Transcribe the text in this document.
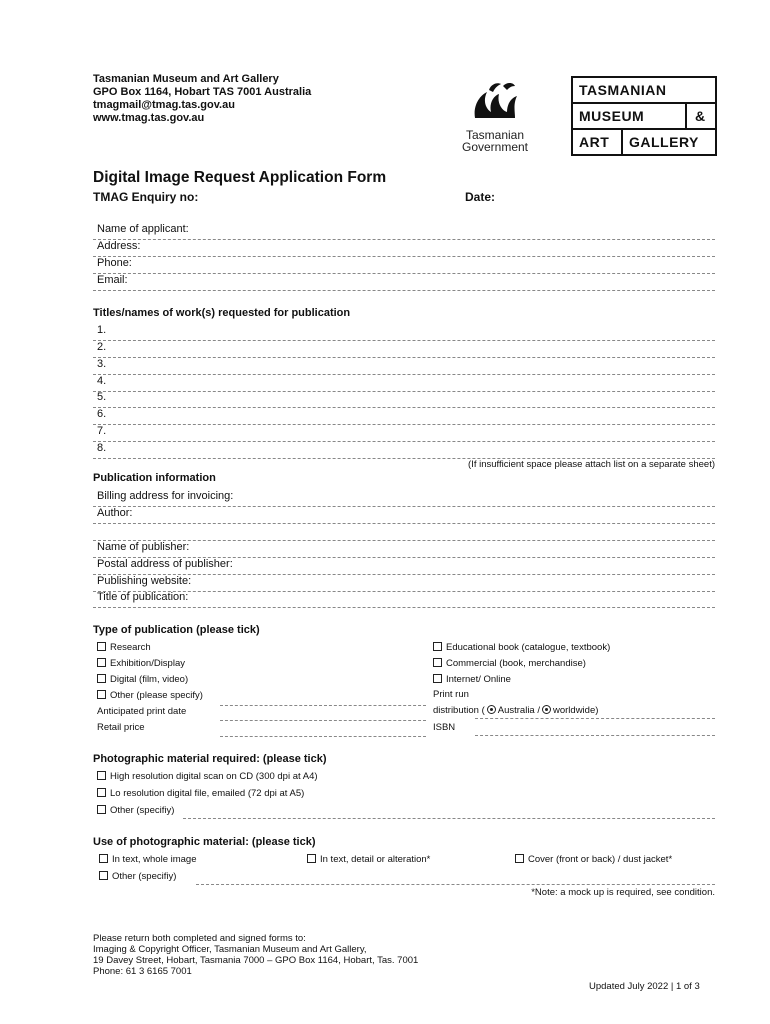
Tasmanian Museum and Art Gallery
GPO Box 1164, Hobart TAS 7001 Australia
tmagmail@tmag.tas.gov.au
www.tmag.tas.gov.au
Tasmanian
Government
TASMANIAN
MUSEUM	&
ART GALLERY
Digital Image Request Application Form
TMAG Enquiry no:	Date:
Name of applicant:
Address:
Phone:
Email:
Titles/names of work(s) requested for publication
1.
2.
3.
4.
5.
6.
7.
8.
(If insufficient space please attach list on a separate sheet)
Publication information
Billing address for invoicing:
Author:
Name of publisher:
Postal address of publisher:
Publishing website:
Title of publication:
Type of publication (please tick)
Research
Exhibition/Display
Digital (film, video)
Other (please specify)
Anticipated print date
Retail price
Educational book (catalogue, textbook)
Commercial (book, merchandise)
Internet/ Online
Print run
distribution ( Australia / worldwide)
ISBN
Photographic material required: (please tick)
High resolution digital scan on CD (300 dpi at A4)
Lo resolution digital file, emailed (72 dpi at A5)
Other (specifiy)
Use of photographic material: (please tick)
In text, whole image	In text, detail or alteration*	Cover (front or back) / dust jacket*
Other (specifiy)
*Note: a mock up is required, see condition.
Please return both completed and signed forms to:
Imaging & Copyright Officer, Tasmanian Museum and Art Gallery,
19 Davey Street, Hobart, Tasmania 7000 – GPO Box 1164, Hobart, Tas. 7001
Phone: 61 3 6165 7001
Updated July 2022 | 1 of 3
